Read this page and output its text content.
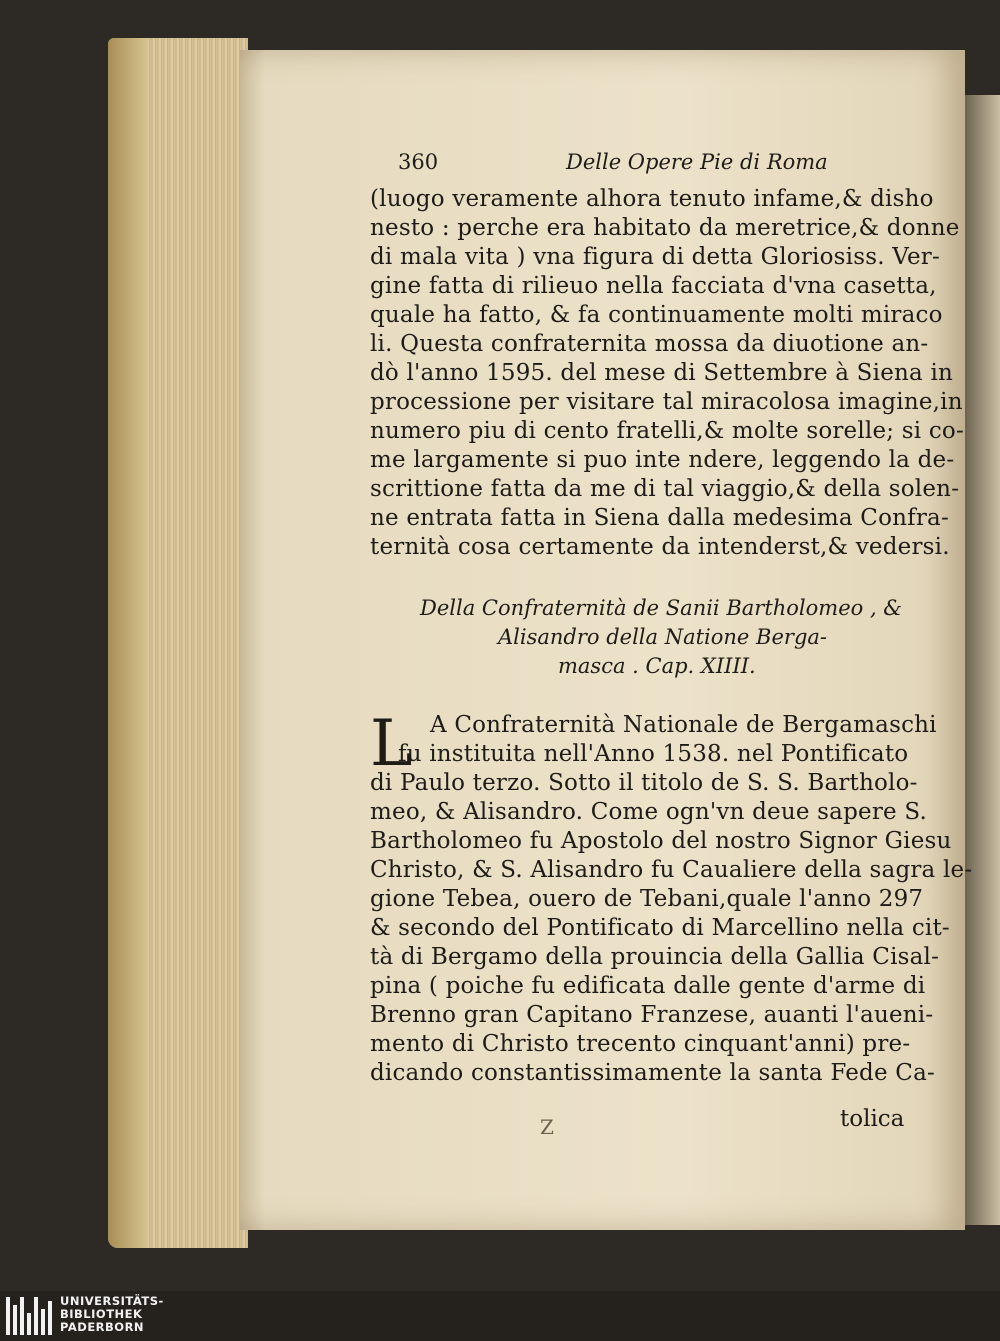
360	Delle Opere Pie di Roma
(luogo veramente alhora tenuto infame,& disho
nesto : perche era habitato da meretrice,& donne
di mala vita ) vna figura di detta Gloriosiss. Ver-
gine fatta di rilieuo nella facciata d'vna casetta,
quale ha fatto, & fa continuamente molti miraco
li. Questa confraternita mossa da diuotione an-
dò l'anno 1595. del mese di Settembre à Siena in
processione per visitare tal miracolosa imagine,in
numero piu di cento fratelli,& molte sorelle; si co-
me largamente si puo inte ndere, leggendo la de-
scrittione fatta da me di tal viaggio,& della solen-
ne entrata fatta in Siena dalla medesima Confra-
ternità cosa certamente da intenderst,& vedersi.
Della Confraternità de Sanii Bartholomeo , &
Alisandro della Natione Berga-
masca . Cap. XIIII.
L A Confraternità Nationale de Bergamaschi
fu instituita nell'Anno 1538. nel Pontificato
di Paulo terzo. Sotto il titolo de S. S. Bartholo-
meo, & Alisandro. Come ogn'vn deue sapere S.
Bartholomeo fu Apostolo del nostro Signor Giesu
Christo, & S. Alisandro fu Caualiere della sagra le-
gione Tebea, ouero de Tebani,quale l'anno 297
& secondo del Pontificato di Marcellino nella cit-
tà di Bergamo della prouincia della Gallia Cisal-
pina ( poiche fu edificata dalle gente d'arme di
Brenno gran Capitano Franzese, auanti l'aueni-
mento di Christo trecento cinquant'anni) pre-
dicando constantissimamente la santa Fede Ca-
Z	tolica
UNIVERSITÄTS-
BIBLIOTHEK
PADERBORN
